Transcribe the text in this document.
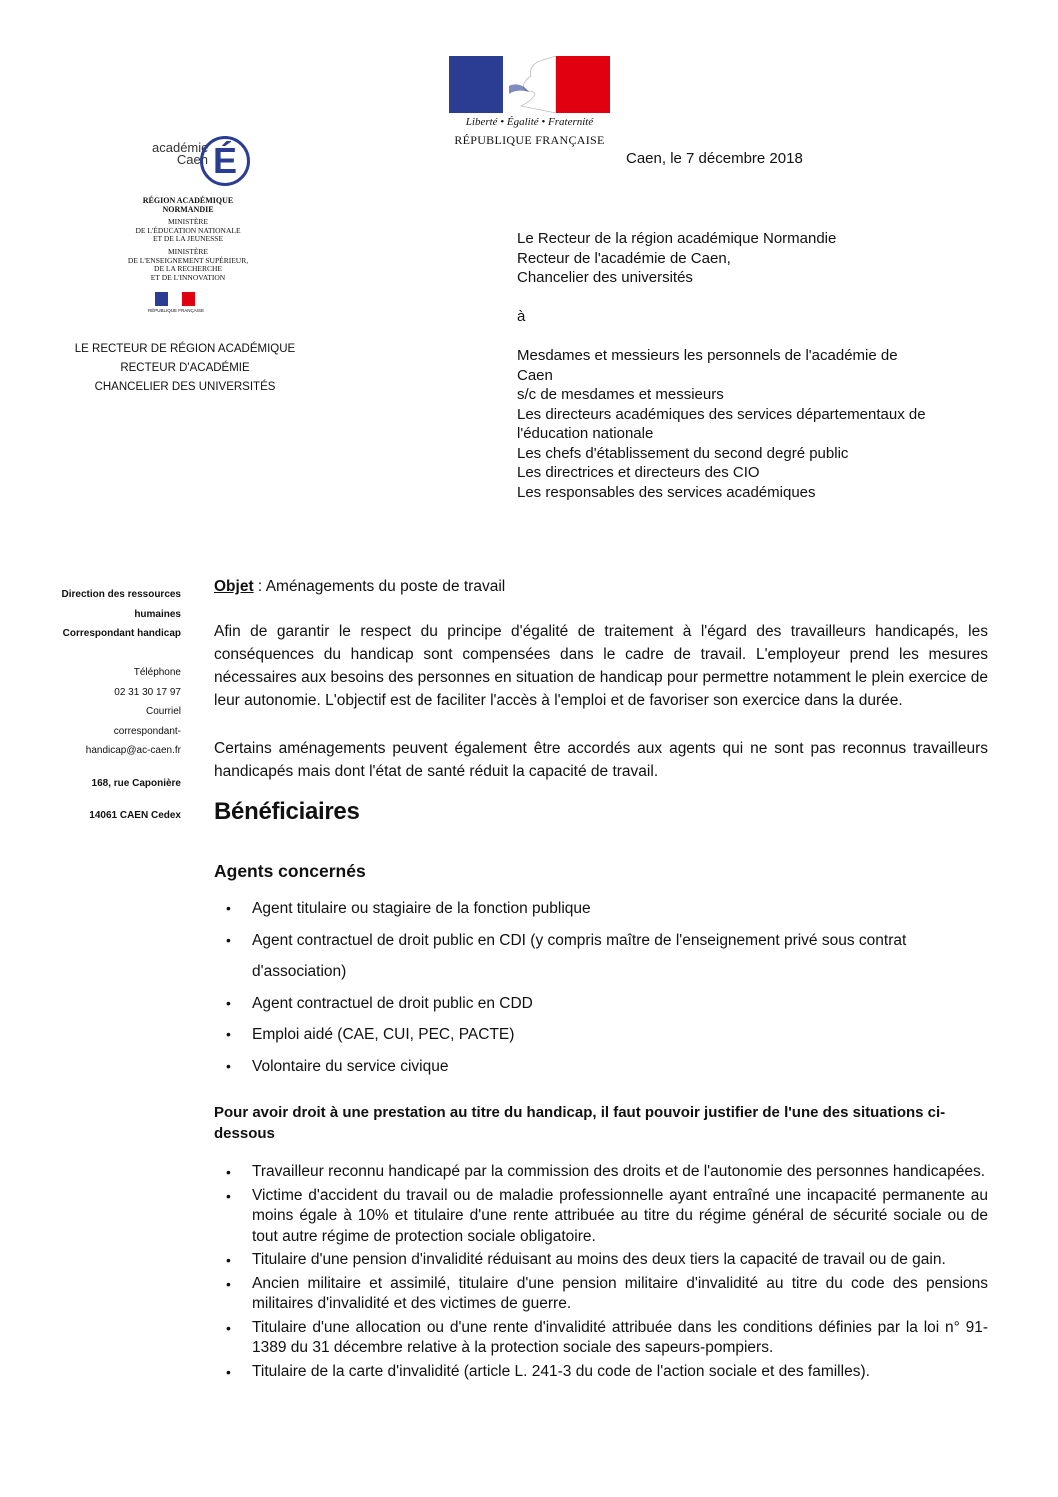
Liberté • Égalité • Fraternité
RÉPUBLIQUE FRANÇAISE
académie
Caen É
RÉGION ACADÉMIQUE
NORMANDIE
MINISTÈRE
DE L'ÉDUCATION NATIONALE
ET DE LA JEUNESSE
MINISTÈRE
DE L'ENSEIGNEMENT SUPÉRIEUR,
DE LA RECHERCHE
ET DE L'INNOVATION
RÉPUBLIQUE FRANÇAISE
LE RECTEUR DE RÉGION ACADÉMIQUE
RECTEUR D'ACADÉMIE
CHANCELIER DES UNIVERSITÉS
Caen, le 7 décembre 2018
Le Recteur de la région académique Normandie
Recteur de l'académie de Caen,
Chancelier des universités
à
Mesdames et messieurs les personnels de l'académie de
Caen
s/c de mesdames et messieurs
Les directeurs académiques des services départementaux de
l'éducation nationale
Les chefs d'établissement du second degré public
Les directrices et directeurs des CIO
Les responsables des services académiques
Direction des ressources
humaines
Correspondant handicap
Téléphone
02 31 30 17 97
Courriel
correspondant-
handicap@ac-caen.fr
168, rue Caponière
14061 CAEN Cedex
Objet : Aménagements du poste de travail
Afin de garantir le respect du principe d'égalité de traitement à l'égard des travailleurs handicapés, les conséquences du handicap sont compensées dans le cadre de travail. L'employeur prend les mesures nécessaires aux besoins des personnes en situation de handicap pour permettre notamment le plein exercice de leur autonomie. L'objectif est de faciliter l'accès à l'emploi et de favoriser son exercice dans la durée.
Certains aménagements peuvent également être accordés aux agents qui ne sont pas reconnus travailleurs handicapés mais dont l'état de santé réduit la capacité de travail.
Bénéficiaires
Agents concernés
• Agent titulaire ou stagiaire de la fonction publique
• Agent contractuel de droit public en CDI (y compris maître de l'enseignement privé sous contrat d'association)
• Agent contractuel de droit public en CDD
• Emploi aidé (CAE, CUI, PEC, PACTE)
• Volontaire du service civique
Pour avoir droit à une prestation au titre du handicap, il faut pouvoir justifier de l'une des situations ci-dessous
• Travailleur reconnu handicapé par la commission des droits et de l'autonomie des personnes handicapées.
• Victime d'accident du travail ou de maladie professionnelle ayant entraîné une incapacité permanente au moins égale à 10% et titulaire d'une rente attribuée au titre du régime général de sécurité sociale ou de tout autre régime de protection sociale obligatoire.
• Titulaire d'une pension d'invalidité réduisant au moins des deux tiers la capacité de travail ou de gain.
• Ancien militaire et assimilé, titulaire d'une pension militaire d'invalidité au titre du code des pensions militaires d'invalidité et des victimes de guerre.
• Titulaire d'une allocation ou d'une rente d'invalidité attribuée dans les conditions définies par la loi n° 91-1389 du 31 décembre relative à la protection sociale des sapeurs-pompiers.
• Titulaire de la carte d'invalidité (article L. 241-3 du code de l'action sociale et des familles).
